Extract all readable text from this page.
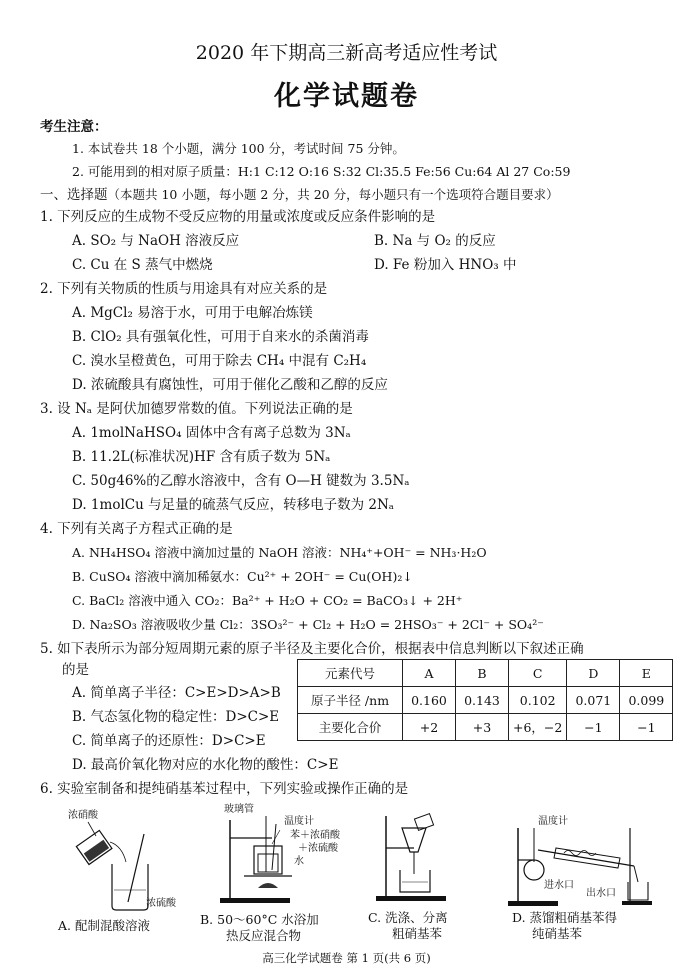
2020 年下期高三新高考适应性考试
化学试题卷
考生注意：
1. 本试卷共 18 个小题，满分 100 分，考试时间 75 分钟。
2. 可能用到的相对原子质量：H:1 C:12 O:16 S:32 Cl:35.5 Fe:56 Cu:64 Al 27 Co:59
一、选择题（本题共 10 小题，每小题 2 分，共 20 分，每小题只有一个选项符合题目要求）
1. 下列反应的生成物不受反应物的用量或浓度或反应条件影响的是
A. SO₂ 与 NaOH 溶液反应	B. Na 与 O₂ 的反应
C. Cu 在 S 蒸气中燃烧	D. Fe 粉加入 HNO₃ 中
2. 下列有关物质的性质与用途具有对应关系的是
A. MgCl₂ 易溶于水，可用于电解冶炼镁
B. ClO₂ 具有强氧化性，可用于自来水的杀菌消毒
C. 溴水呈橙黄色，可用于除去 CH₄ 中混有 C₂H₄
D. 浓硫酸具有腐蚀性，可用于催化乙酸和乙醇的反应
3. 设 Nₐ 是阿伏加德罗常数的值。下列说法正确的是
A. 1molNaHSO₄ 固体中含有离子总数为 3Nₐ
B. 11.2L(标准状况)HF 含有质子数为 5Nₐ
C. 50g46%的乙醇水溶液中，含有 O—H 键数为 3.5Nₐ
D. 1molCu 与足量的硫蒸气反应，转移电子数为 2Nₐ
4. 下列有关离子方程式正确的是
A. NH₄HSO₄ 溶液中滴加过量的 NaOH 溶液：NH₄⁺+OH⁻ = NH₃·H₂O
B. CuSO₄ 溶液中滴加稀氨水：Cu²⁺ + 2OH⁻ = Cu(OH)₂↓
C. BaCl₂ 溶液中通入 CO₂：Ba²⁺ + H₂O + CO₂ = BaCO₃↓ + 2H⁺
D. Na₂SO₃ 溶液吸收少量 Cl₂：3SO₃²⁻ + Cl₂ + H₂O = 2HSO₃⁻ + 2Cl⁻ + SO₄²⁻
5. 如下表所示为部分短周期元素的原子半径及主要化合价，根据表中信息判断以下叙述正确
的是
A. 简单离子半径：C>E>D>A>B
B. 气态氢化物的稳定性：D>C>E
C. 简单离子的还原性：D>C>E
D. 最高价氧化物对应的水化物的酸性：C>E
元素代号	A	B	C	D	E
原子半径 /nm	0.160	0.143	0.102	0.071	0.099
主要化合价	+2	+3	+6，−2	−1	−1
6. 实验室制备和提纯硝基苯过程中，下列实验或操作正确的是
浓硝酸
浓硫酸
A. 配制混酸溶液
玻璃管
温度计
苯＋浓硝酸
＋浓硫酸
水
B. 50～60°C 水浴加
热反应混合物
C. 洗涤、分离
粗硝基苯
温度计
进水口
出水口
D. 蒸馏粗硝基苯得
纯硝基苯
高三化学试题卷 第 1 页(共 6 页)
